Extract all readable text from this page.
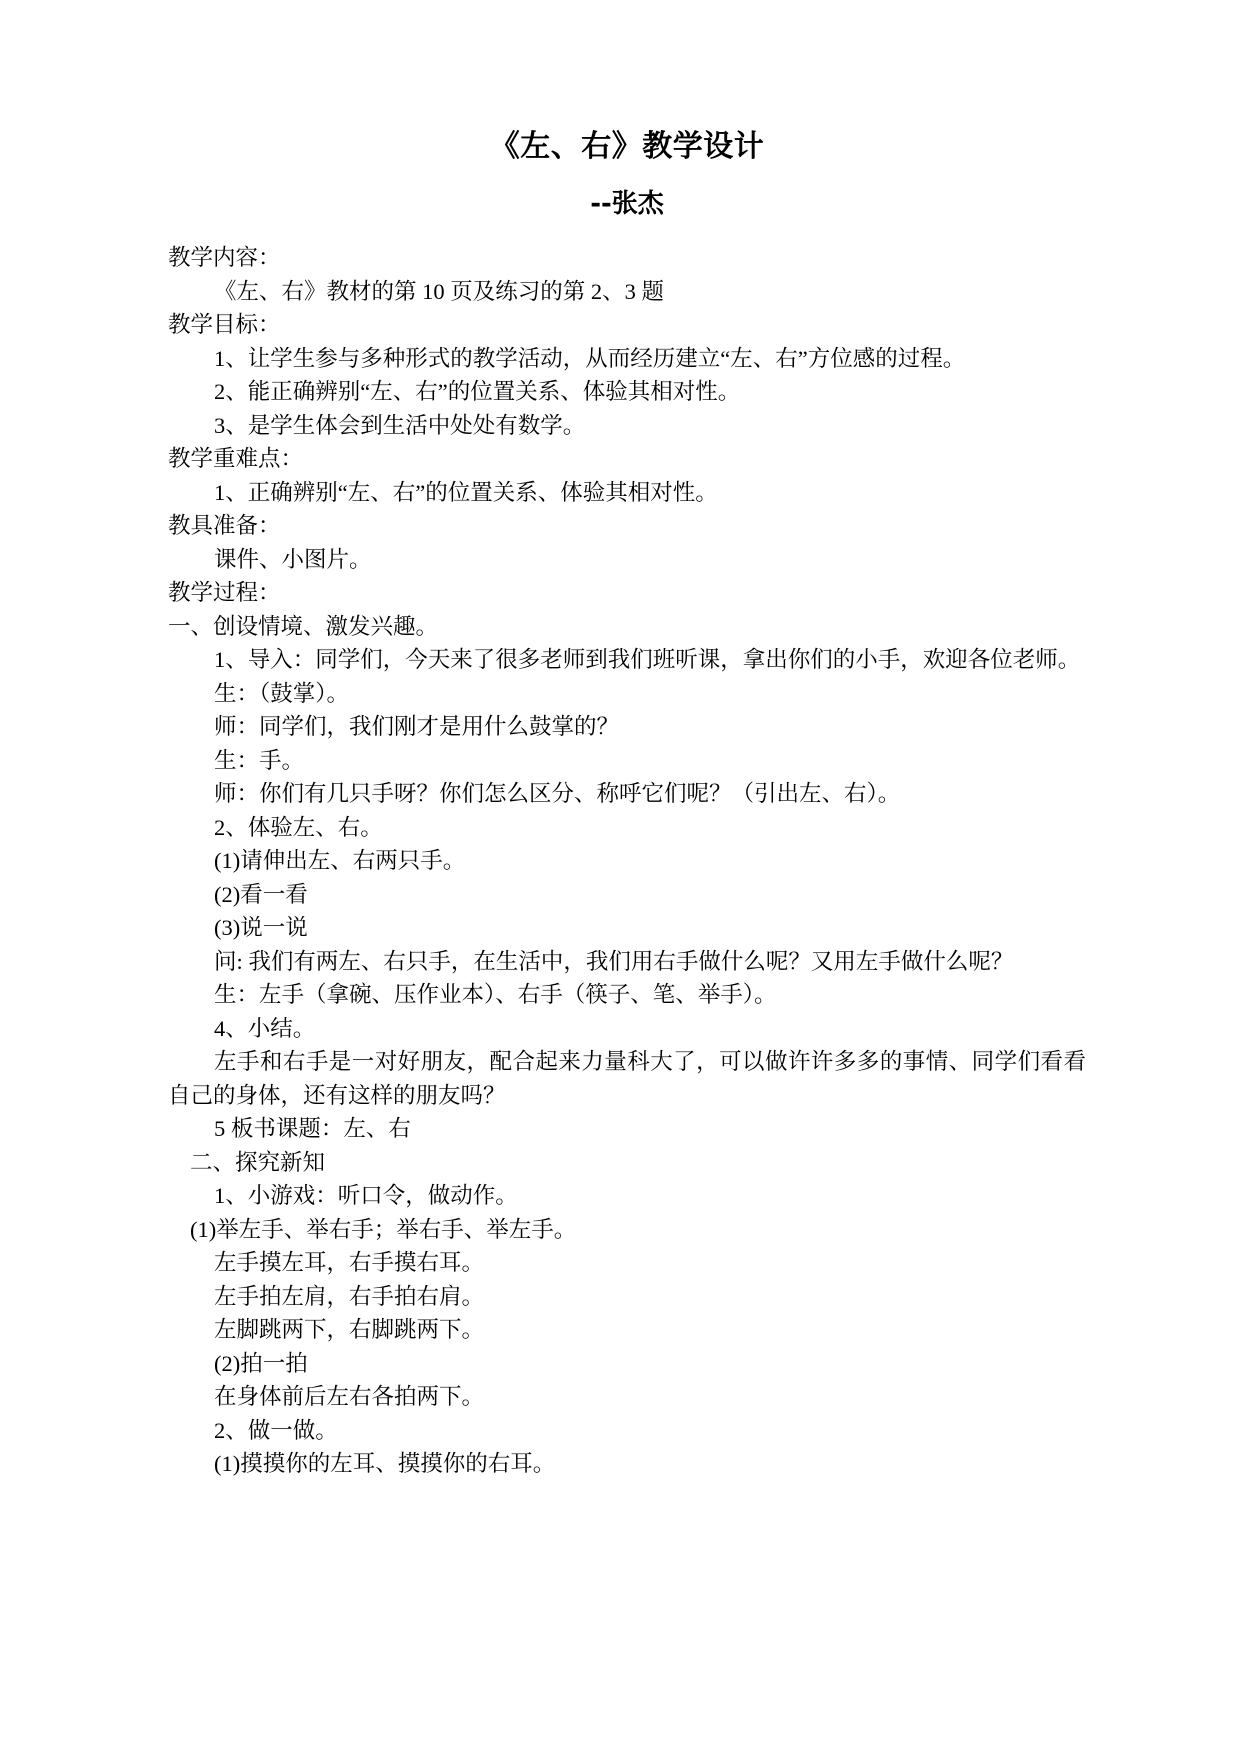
《左、右》教学设计
--张杰

教学内容：

《左、右》教材的第 10 页及练习的第 2、3 题

教学目标：

1、让学生参与多种形式的教学活动，从而经历建立“左、右”方位感的过程。

2、能正确辨别“左、右”的位置关系、体验其相对性。

3、是学生体会到生活中处处有数学。

教学重难点：

1、正确辨别“左、右”的位置关系、体验其相对性。

教具准备：

课件、小图片。

教学过程：

一、创设情境、激发兴趣。

1、导入：同学们，今天来了很多老师到我们班听课，拿出你们的小手，欢迎各位老师。

生：（鼓掌）。

师：同学们，我们刚才是用什么鼓掌的？

生：手。

师：你们有几只手呀？你们怎么区分、称呼它们呢？（引出左、右）。

2、体验左、右。

(1)请伸出左、右两只手。

(2)看一看

(3)说一说

问: 我们有两左、右只手，在生活中，我们用右手做什么呢？又用左手做什么呢？

生：左手（拿碗、压作业本）、右手（筷子、笔、举手）。

4、小结。

左手和右手是一对好朋友，配合起来力量科大了，可以做许许多多的事情、同学们看看自己的身体，还有这样的朋友吗？

5 板书课题：左、右

二、探究新知

1、小游戏：听口令，做动作。

(1)举左手、举右手；举右手、举左手。

左手摸左耳，右手摸右耳。

左手拍左肩，右手拍右肩。

左脚跳两下，右脚跳两下。

(2)拍一拍

在身体前后左右各拍两下。

2、做一做。

(1)摸摸你的左耳、摸摸你的右耳。
